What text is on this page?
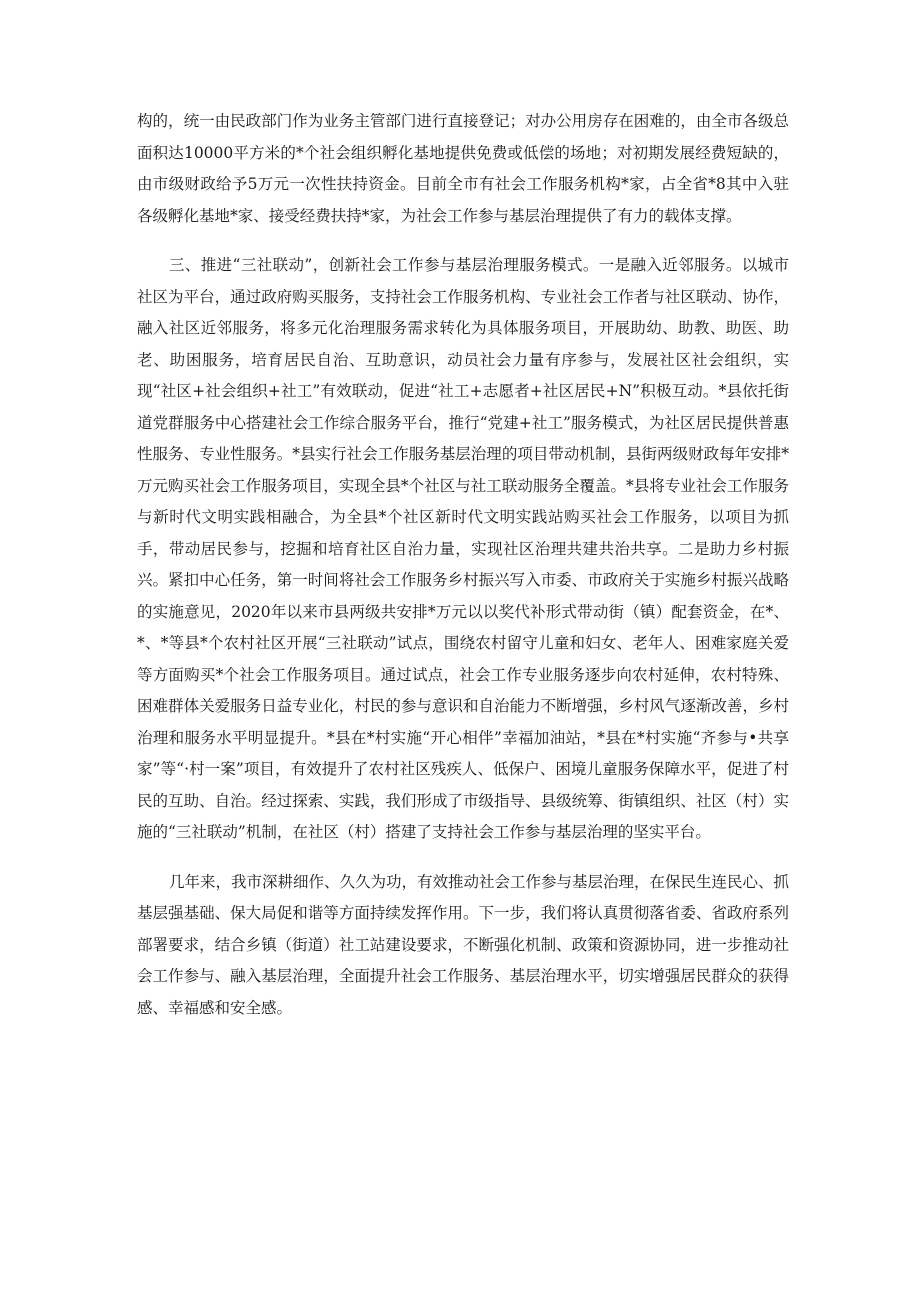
构的，统一由民政部门作为业务主管部门进行直接登记；对办公用房存在困难的，由全市各级总面积达10000平方米的*个社会组织孵化基地提供免费或低偿的场地；对初期发展经费短缺的，由市级财政给予5万元一次性扶持资金。目前全市有社会工作服务机构*家，占全省*8其中入驻各级孵化基地*家、接受经费扶持*家，为社会工作参与基层治理提供了有力的载体支撑。

三、推进“三社联动”，创新社会工作参与基层治理服务模式。一是融入近邻服务。以城市社区为平台，通过政府购买服务，支持社会工作服务机构、专业社会工作者与社区联动、协作，融入社区近邻服务，将多元化治理服务需求转化为具体服务项目，开展助幼、助教、助医、助老、助困服务，培育居民自治、互助意识，动员社会力量有序参与，发展社区社会组织，实现“社区+社会组织+社工”有效联动，促进“社工+志愿者+社区居民+N”积极互动。*县依托街道党群服务中心搭建社会工作综合服务平台，推行“党建+社工”服务模式，为社区居民提供普惠性服务、专业性服务。*县实行社会工作服务基层治理的项目带动机制，县街两级财政每年安排*万元购买社会工作服务项目，实现全县*个社区与社工联动服务全覆盖。*县将专业社会工作服务与新时代文明实践相融合，为全县*个社区新时代文明实践站购买社会工作服务，以项目为抓手，带动居民参与，挖掘和培育社区自治力量，实现社区治理共建共治共享。二是助力乡村振兴。紧扣中心任务，第一时间将社会工作服务乡村振兴写入市委、市政府关于实施乡村振兴战略的实施意见，2020年以来市县两级共安排*万元以以奖代补形式带动街（镇）配套资金，在*、*、*等县*个农村社区开展“三社联动”试点，围绕农村留守儿童和妇女、老年人、困难家庭关爱等方面购买*个社会工作服务项目。通过试点，社会工作专业服务逐步向农村延伸，农村特殊、困难群体关爱服务日益专业化，村民的参与意识和自治能力不断增强，乡村风气逐渐改善，乡村治理和服务水平明显提升。*县在*村实施“开心相伴”幸福加油站，*县在*村实施“齐参与•共享家”等“·村一案”项目，有效提升了农村社区残疾人、低保户、困境儿童服务保障水平，促进了村民的互助、自治。经过探索、实践，我们形成了市级指导、县级统筹、街镇组织、社区（村）实施的“三社联动”机制，在社区（村）搭建了支持社会工作参与基层治理的坚实平台。

几年来，我市深耕细作、久久为功，有效推动社会工作参与基层治理，在保民生连民心、抓基层强基础、保大局促和谐等方面持续发挥作用。下一步，我们将认真贯彻落省委、省政府系列部署要求，结合乡镇（街道）社工站建设要求，不断强化机制、政策和资源协同，进一步推动社会工作参与、融入基层治理，全面提升社会工作服务、基层治理水平，切实增强居民群众的获得感、幸福感和安全感。
